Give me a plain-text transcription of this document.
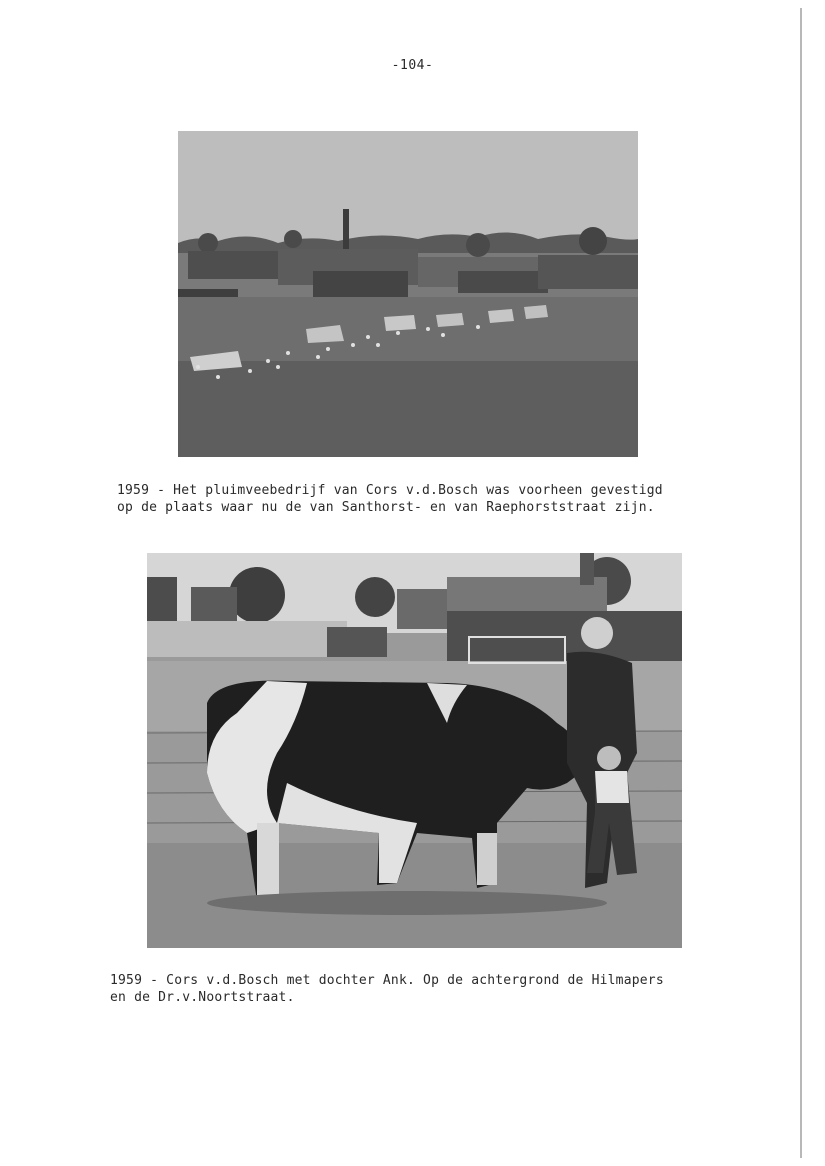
-104-
1959 - Het pluimveebedrijf van Cors v.d.Bosch was voorheen gevestigd
op de plaats waar nu de van Santhorst- en van Raephorststraat zijn.
1959 - Cors v.d.Bosch met dochter Ank. Op de achtergrond de Hilmapers
en de Dr.v.Noortstraat.
